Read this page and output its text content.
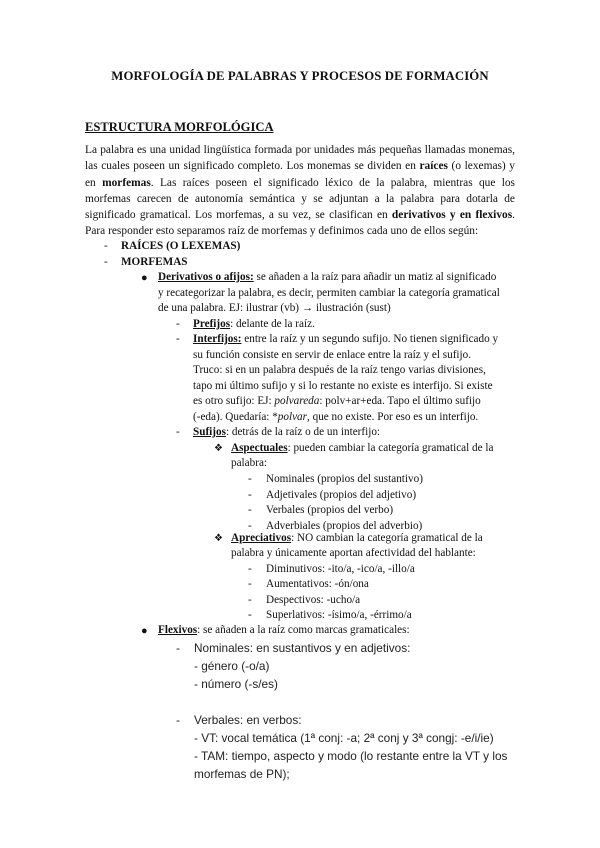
MORFOLOGÍA DE PALABRAS Y PROCESOS DE FORMACIÓN
ESTRUCTURA MORFOLÓGICA

La palabra es una unidad lingüística formada por unidades más pequeñas llamadas monemas, las cuales poseen un significado completo. Los monemas se dividen en raíces (o lexemas) y en morfemas. Las raíces poseen el significado léxico de la palabra, mientras que los morfemas carecen de autonomía semántica y se adjuntan a la palabra para dotarla de significado gramatical. Los morfemas, a su vez, se clasifican en derivativos y en flexivos. Para responder esto separamos raíz de morfemas y definimos cada uno de ellos según:

- RAÍCES (O LEXEMAS)
- MORFEMAS
● Derivativos o afijos: se añaden a la raíz para añadir un matiz al significado
y recategorizar la palabra, es decir, permiten cambiar la categoría gramatical
de una palabra. EJ: ilustrar (vb) → ilustración (sust)
- Prefijos: delante de la raíz.
- Interfijos: entre la raíz y un segundo sufijo. No tienen significado y
su función consiste en servir de enlace entre la raíz y el sufijo.
Truco: si en un palabra después de la raíz tengo varias divisiones,
tapo mi último sufijo y si lo restante no existe es interfijo. Si existe
es otro sufijo: EJ: polvareda: polv+ar+eda. Tapo el último sufijo
(-eda). Quedaría: *polvar, que no existe. Por eso es un interfijo.
- Sufijos: detrás de la raíz o de un interfijo:
❖ Aspectuales: pueden cambiar la categoría gramatical de la
palabra:
- Nominales (propios del sustantivo)
- Adjetivales (propios del adjetivo)
- Verbales (propios del verbo)
- Adverbiales (propios del adverbio)
❖ Apreciativos: NO cambian la categoría gramatical de la
palabra y únicamente aportan afectividad del hablante:
- Diminutivos: -ito/a, -ico/a, -illo/a
- Aumentativos: -ón/ona
- Despectivos: -ucho/a
- Superlativos: -ísimo/a, -érrimo/a
● Flexivos: se añaden a la raíz como marcas gramaticales:
- Nominales: en sustantivos y en adjetivos:
- género (-o/a)
- número (-s/es)
- Verbales: en verbos:
- VT: vocal temática (1ª conj: -a; 2ª conj y 3ª congj: -e/i/ie)
- TAM: tiempo, aspecto y modo (lo restante entre la VT y los
morfemas de PN);
